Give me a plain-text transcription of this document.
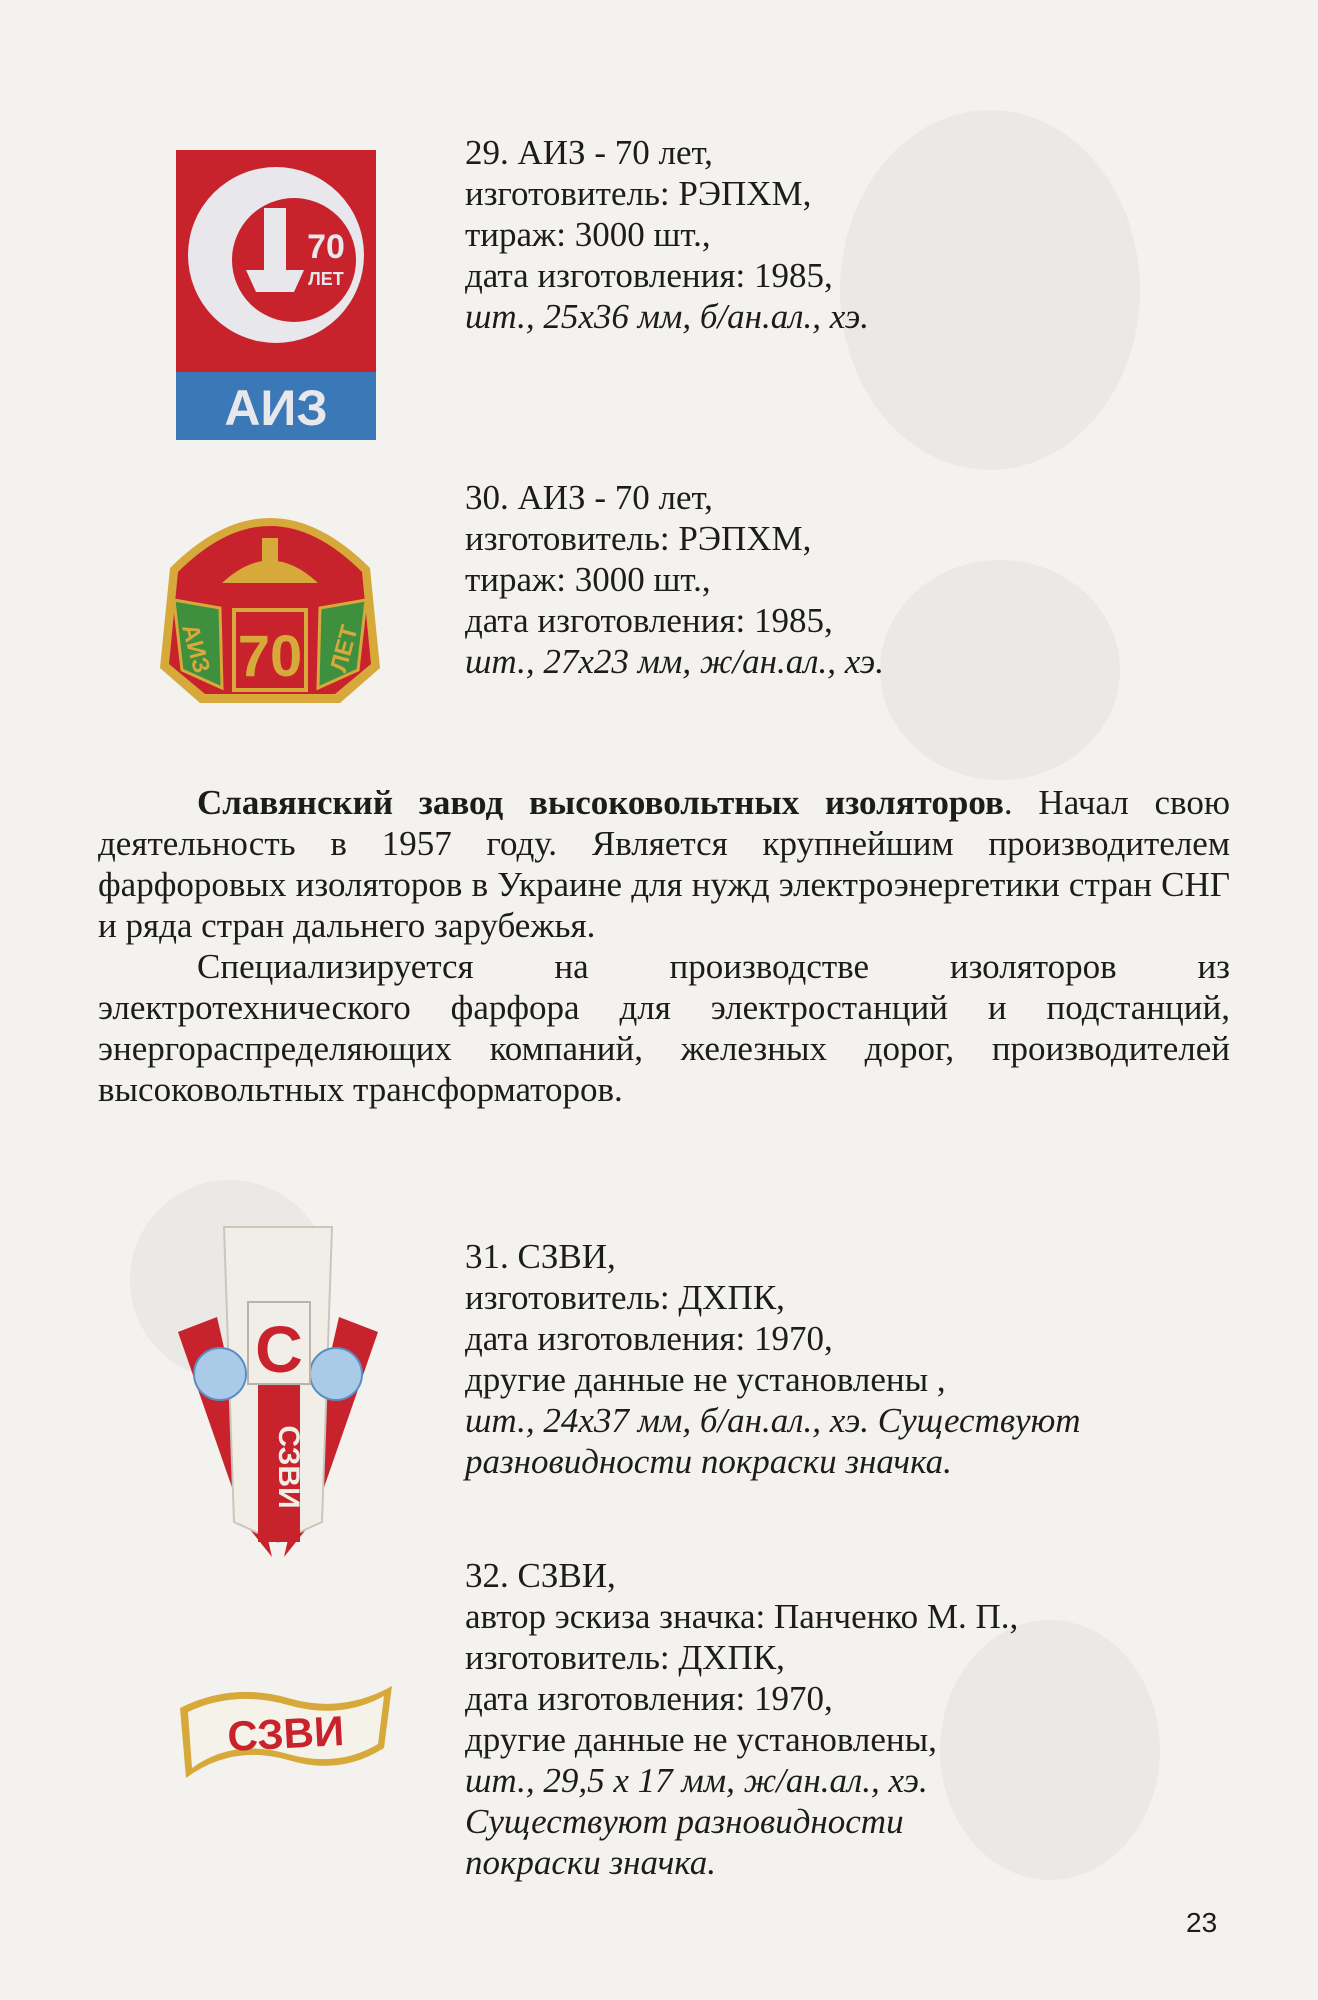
70
ЛЕТ
АИЗ
АИЗ 70 ЛЕТ
С
СЗВИ
СЗВИ
29. АИЗ - 70 лет,
изготовитель: РЭПХМ,
тираж: 3000 шт.,
дата изготовления: 1985,
шт., 25х36 мм, б/ан.ал., хэ.
30. АИЗ - 70 лет,
изготовитель: РЭПХМ,
тираж: 3000 шт.,
дата изготовления: 1985,
шт., 27х23 мм, ж/ан.ал., хэ.

Славянский завод высоковольтных изоляторов. Начал свою деятельность в 1957 году. Является крупнейшим производителем фарфоровых изоляторов в Украине для нужд электроэнергетики стран СНГ и ряда стран дальнего зарубежья.

Специализируется на производстве изоляторов из электротехнического фарфора для электростанций и подстанций, энергораспределяющих компаний, железных дорог, производителей высоковольтных трансформаторов.

31. СЗВИ,
изготовитель: ДХПК,
дата изготовления: 1970,
другие данные не установлены ,
шт., 24х37 мм, б/ан.ал., хэ. Существуют
разновидности покраски значка.
32. СЗВИ,
автор эскиза значка: Панченко М. П.,
изготовитель: ДХПК,
дата изготовления: 1970,
другие данные не установлены,
шт., 29,5 х 17 мм, ж/ан.ал., хэ.
Существуют разновидности
покраски значка.
23
